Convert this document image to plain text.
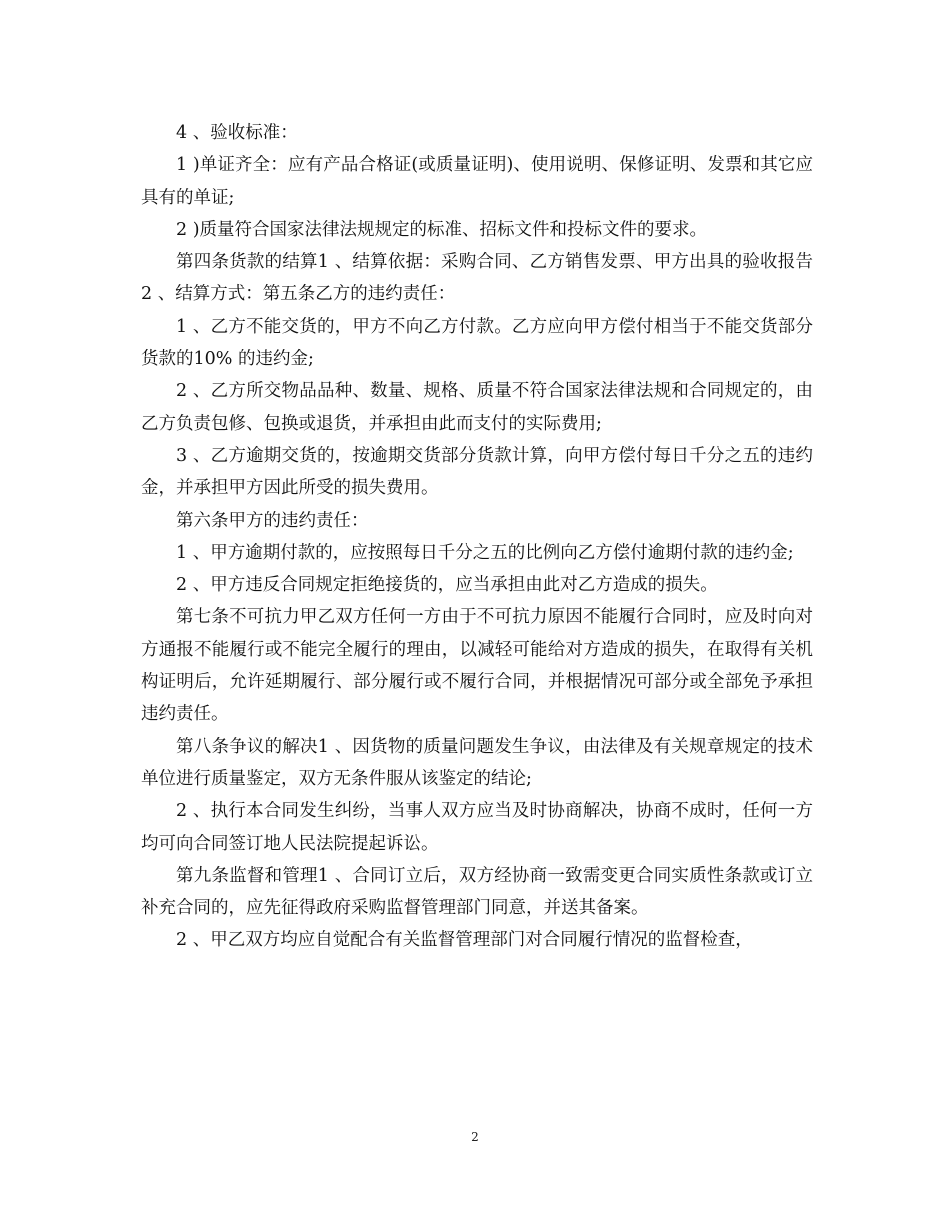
4 、验收标准：

1 )单证齐全：应有产品合格证(或质量证明)、使用说明、保修证明、发票和其它应具有的单证;

2 )质量符合国家法律法规规定的标准、招标文件和投标文件的要求。

第四条货款的结算1 、结算依据：采购合同、乙方销售发票、甲方出具的验收报告2 、结算方式：第五条乙方的违约责任：

1 、乙方不能交货的，甲方不向乙方付款。乙方应向甲方偿付相当于不能交货部分货款的10% 的违约金;

2 、乙方所交物品品种、数量、规格、质量不符合国家法律法规和合同规定的，由乙方负责包修、包换或退货，并承担由此而支付的实际费用;

3 、乙方逾期交货的，按逾期交货部分货款计算，向甲方偿付每日千分之五的违约金，并承担甲方因此所受的损失费用。

第六条甲方的违约责任：

1 、甲方逾期付款的，应按照每日千分之五的比例向乙方偿付逾期付款的违约金;

2 、甲方违反合同规定拒绝接货的，应当承担由此对乙方造成的损失。

第七条不可抗力甲乙双方任何一方由于不可抗力原因不能履行合同时，应及时向对方通报不能履行或不能完全履行的理由，以减轻可能给对方造成的损失，在取得有关机构证明后，允许延期履行、部分履行或不履行合同，并根据情况可部分或全部免予承担违约责任。

第八条争议的解决1 、因货物的质量问题发生争议，由法律及有关规章规定的技术单位进行质量鉴定，双方无条件服从该鉴定的结论;

2 、执行本合同发生纠纷，当事人双方应当及时协商解决，协商不成时，任何一方均可向合同签订地人民法院提起诉讼。

第九条监督和管理1 、合同订立后，双方经协商一致需变更合同实质性条款或订立补充合同的，应先征得政府采购监督管理部门同意，并送其备案。

2 、甲乙双方均应自觉配合有关监督管理部门对合同履行情况的监督检查，

2
